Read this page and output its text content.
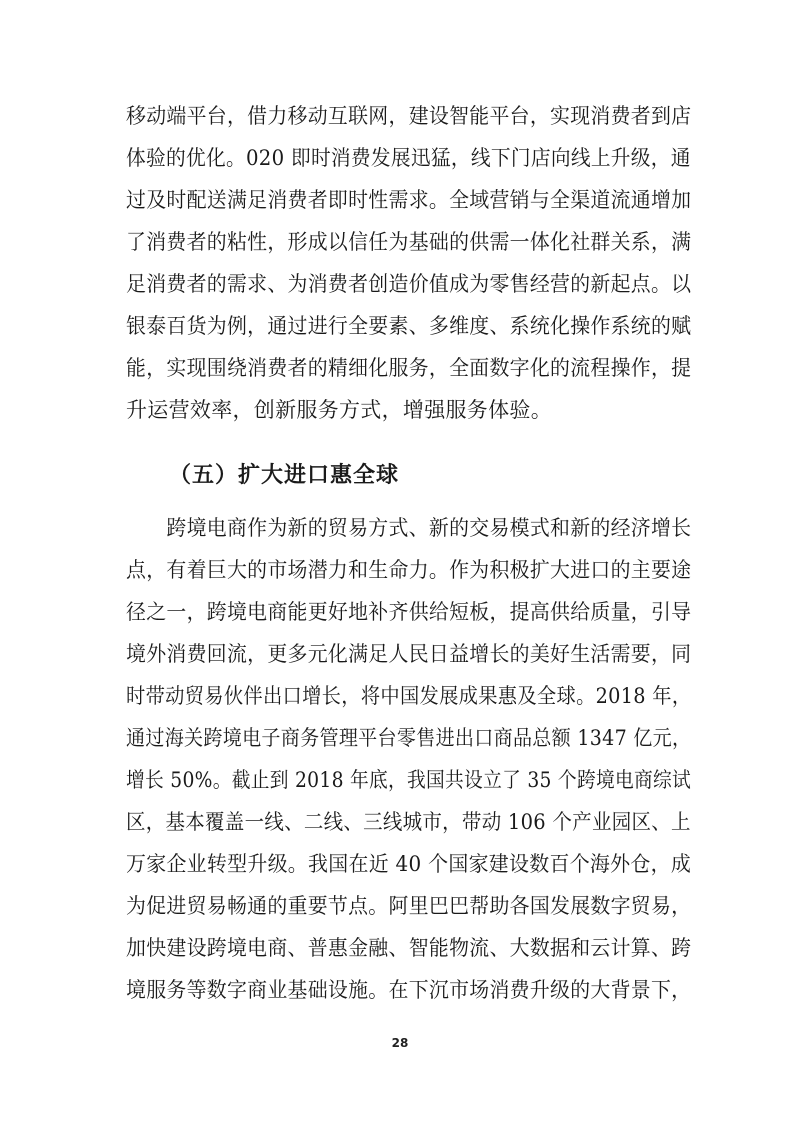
移动端平台，借力移动互联网，建设智能平台，实现消费者到店
体验的优化。020 即时消费发展迅猛，线下门店向线上升级，通
过及时配送满足消费者即时性需求。全域营销与全渠道流通增加
了消费者的粘性，形成以信任为基础的供需一体化社群关系，满
足消费者的需求、为消费者创造价值成为零售经营的新起点。以
银泰百货为例，通过进行全要素、多维度、系统化操作系统的赋
能，实现围绕消费者的精细化服务，全面数字化的流程操作，提
升运营效率，创新服务方式，增强服务体验。
（五）扩大进口惠全球
　　跨境电商作为新的贸易方式、新的交易模式和新的经济增长
点，有着巨大的市场潜力和生命力。作为积极扩大进口的主要途
径之一，跨境电商能更好地补齐供给短板，提高供给质量，引导
境外消费回流，更多元化满足人民日益增长的美好生活需要，同
时带动贸易伙伴出口增长，将中国发展成果惠及全球。2018 年，
通过海关跨境电子商务管理平台零售进出口商品总额 1347 亿元，
增长 50%。截止到 2018 年底，我国共设立了 35 个跨境电商综试
区，基本覆盖一线、二线、三线城市，带动 106 个产业园区、上
万家企业转型升级。我国在近 40 个国家建设数百个海外仓，成
为促进贸易畅通的重要节点。阿里巴巴帮助各国发展数字贸易，
加快建设跨境电商、普惠金融、智能物流、大数据和云计算、跨
境服务等数字商业基础设施。在下沉市场消费升级的大背景下，
28
